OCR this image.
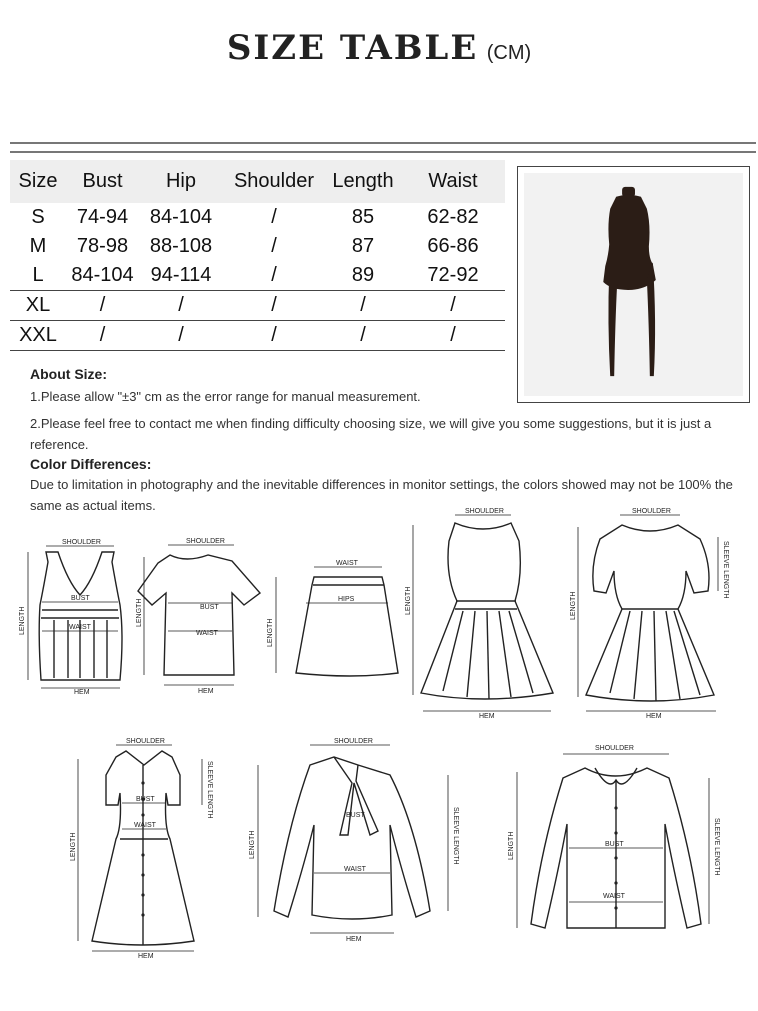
SIZE TABLE (CM)
Size	Bust	Hip	Shoulder	Length	Waist
S	74-94	84-104	/	85	62-82
M	78-98	88-108	/	87	66-86
L	84-104	94-114	/	89	72-92
XL	/	/	/	/	/
XXL	/	/	/	/	/
About Size:

1.Please allow "±3" cm as the error range for manual measurement.

2.Please feel free to contact me when finding difficulty choosing size, we will give you some suggestions, but it is just a reference.

Color Differences:

Due to limitation in photography and the inevitable differences in monitor settings, the colors showed may not be 100% the same as actual items.

SHOULDER
BUST
WAIST
HEM
LENGTH
SHOULDER
BUST
WAIST
HEM
LENGTH
WAIST
HIPS
LENGTH
SHOULDER
HEM
LENGTH
SHOULDER
HEM
LENGTH
SLEEVE LENGTH
SHOULDER
BUST
WAIST
HEM
LENGTH
SLEEVE LENGTH
SHOULDER
BUST
WAIST
HEM
LENGTH	SLEEVE LENGTH
SHOULDER
BUST
WAIST
LENGTH	SLEEVE LENGTH
